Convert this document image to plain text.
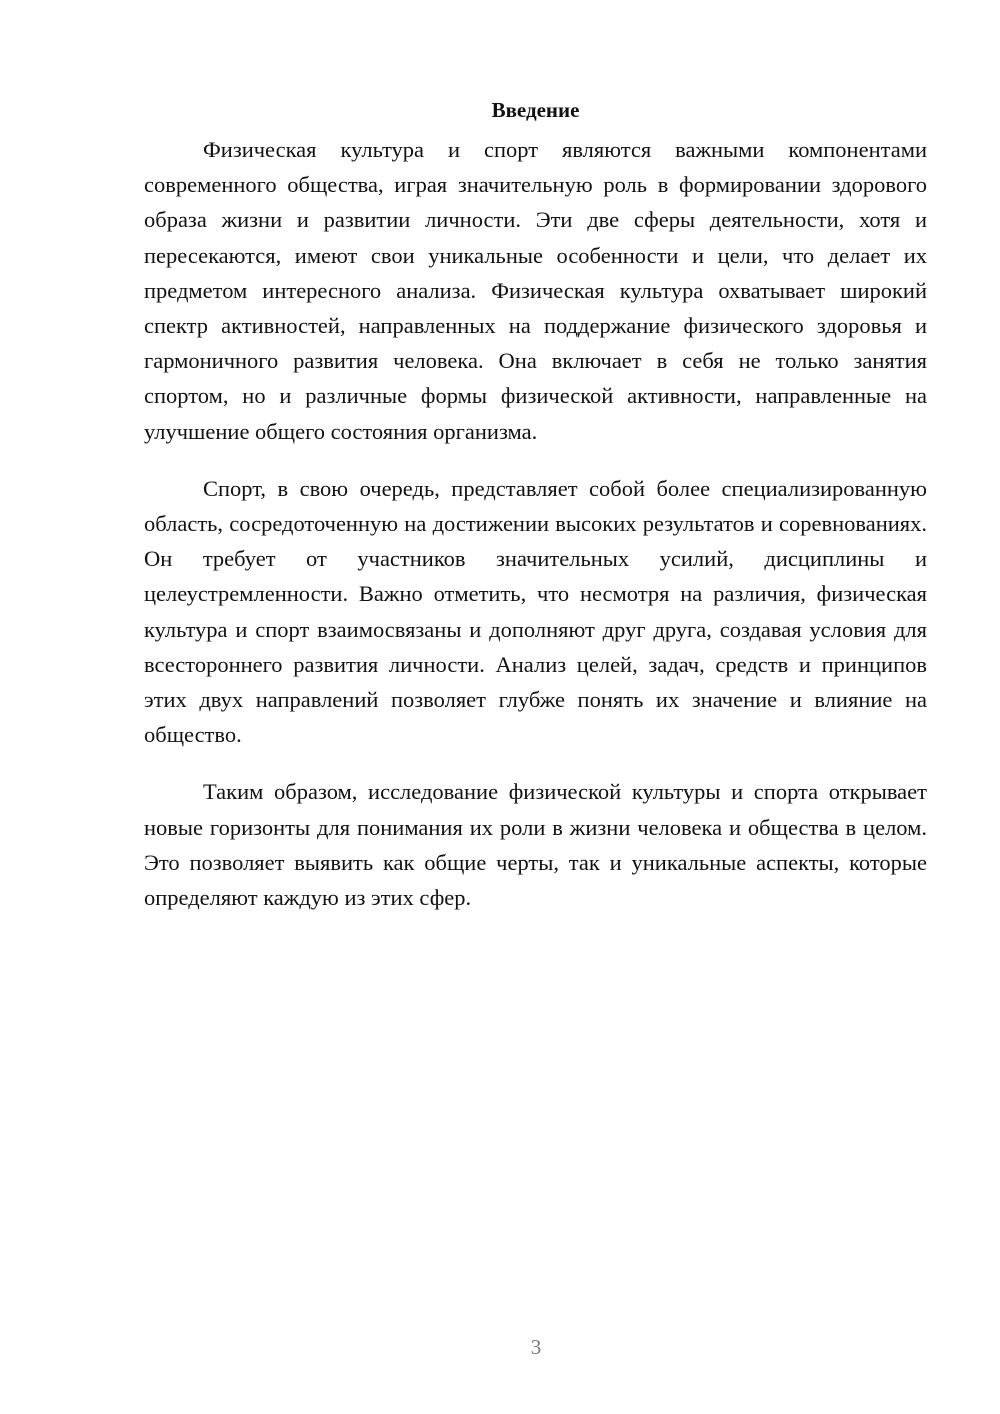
Введение

Физическая культура и спорт являются важными компонентами современного общества, играя значительную роль в формировании здорового образа жизни и развитии личности. Эти две сферы деятельности, хотя и пересекаются, имеют свои уникальные особенности и цели, что делает их предметом интересного анализа. Физическая культура охватывает широкий спектр активностей, направленных на поддержание физического здоровья и гармоничного развития человека. Она включает в себя не только занятия спортом, но и различные формы физической активности, направленные на улучшение общего состояния организма.

Спорт, в свою очередь, представляет собой более специализированную область, сосредоточенную на достижении высоких результатов и соревнованиях. Он требует от участников значительных усилий, дисциплины и целеустремленности. Важно отметить, что несмотря на различия, физическая культура и спорт взаимосвязаны и дополняют друг друга, создавая условия для всестороннего развития личности. Анализ целей, задач, средств и принципов этих двух направлений позволяет глубже понять их значение и влияние на общество.

Таким образом, исследование физической культуры и спорта открывает новые горизонты для понимания их роли в жизни человека и общества в целом. Это позволяет выявить как общие черты, так и уникальные аспекты, которые определяют каждую из этих сфер.

3
